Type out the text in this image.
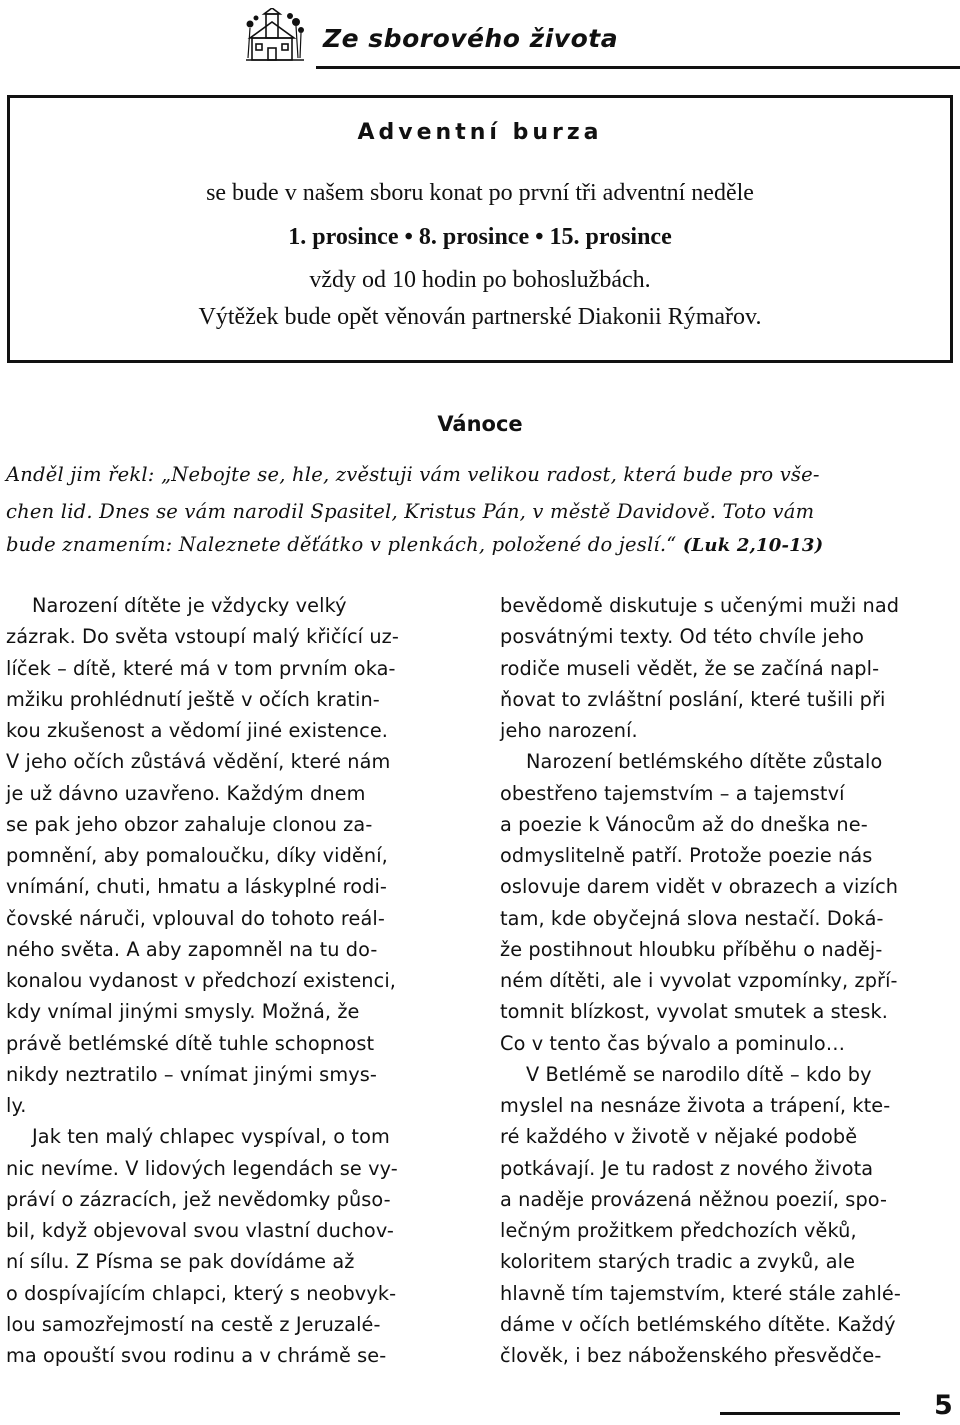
Ze sborového života
Adventní burza
se bude v našem sboru konat po první tři adventní neděle
1. prosince • 8. prosince • 15. prosince
vždy od 10 hodin po bohoslužbách.
Výtěžek bude opět věnován partnerské Diakonii Rýmařov.
Vánoce
Anděl jim řekl: „Nebojte se, hle, zvěstuji vám velikou radost, která bude pro vše-
chen lid. Dnes se vám narodil Spasitel, Kristus Pán, v městě Davidově. Toto vám
bude znamením: Naleznete děťátko v plenkách, položené do jeslí.“ (Luk 2,10-13)
Narození dítěte je vždycky velký
zázrak. Do světa vstoupí malý křičící uz-
líček – dítě, které má v tom prvním oka-
mžiku prohlédnutí ještě v očích kratin-
kou zkušenost a vědomí jiné existence.
V jeho očích zůstává vědění, které nám
je už dávno uzavřeno. Každým dnem
se pak jeho obzor zahaluje clonou za-
pomnění, aby pomaloučku, díky vidění,
vnímání, chuti, hmatu a láskyplné rodi-
čovské náruči, vplouval do tohoto reál-
ného světa. A aby zapomněl na tu do-
konalou vydanost v předchozí existenci,
kdy vnímal jinými smysly. Možná, že
právě betlémské dítě tuhle schopnost
nikdy neztratilo – vnímat jinými smys-
ly.
Jak ten malý chlapec vyspíval, o tom
nic nevíme. V lidových legendách se vy-
práví o zázracích, jež nevědomky půso-
bil, když objevoval svou vlastní duchov-
ní sílu. Z Písma se pak dovídáme až
o dospívajícím chlapci, který s neobvyk-
lou samozřejmostí na cestě z Jeruzalé-
ma opouští svou rodinu a v chrámě se-
bevědomě diskutuje s učenými muži nad
posvátnými texty. Od této chvíle jeho
rodiče museli vědět, že se začíná napl-
ňovat to zvláštní poslání, které tušili při
jeho narození.
Narození betlémského dítěte zůstalo
obestřeno tajemstvím – a tajemství
a poezie k Vánocům až do dneška ne-
odmyslitelně patří. Protože poezie nás
oslovuje darem vidět v obrazech a vizích
tam, kde obyčejná slova nestačí. Doká-
že postihnout hloubku příběhu o naděj-
ném dítěti, ale i vyvolat vzpomínky, zpří-
tomnit blízkost, vyvolat smutek a stesk.
Co v tento čas bývalo a pominulo…
V Betlémě se narodilo dítě – kdo by
myslel na nesnáze života a trápení, kte-
ré každého v životě v nějaké podobě
potkávají. Je tu radost z nového života
a naděje provázená něžnou poezií, spo-
lečným prožitkem předchozích věků,
koloritem starých tradic a zvyků, ale
hlavně tím tajemstvím, které stále zahlé-
dáme v očích betlémského dítěte. Každý
člověk, i bez náboženského přesvědče-
5
